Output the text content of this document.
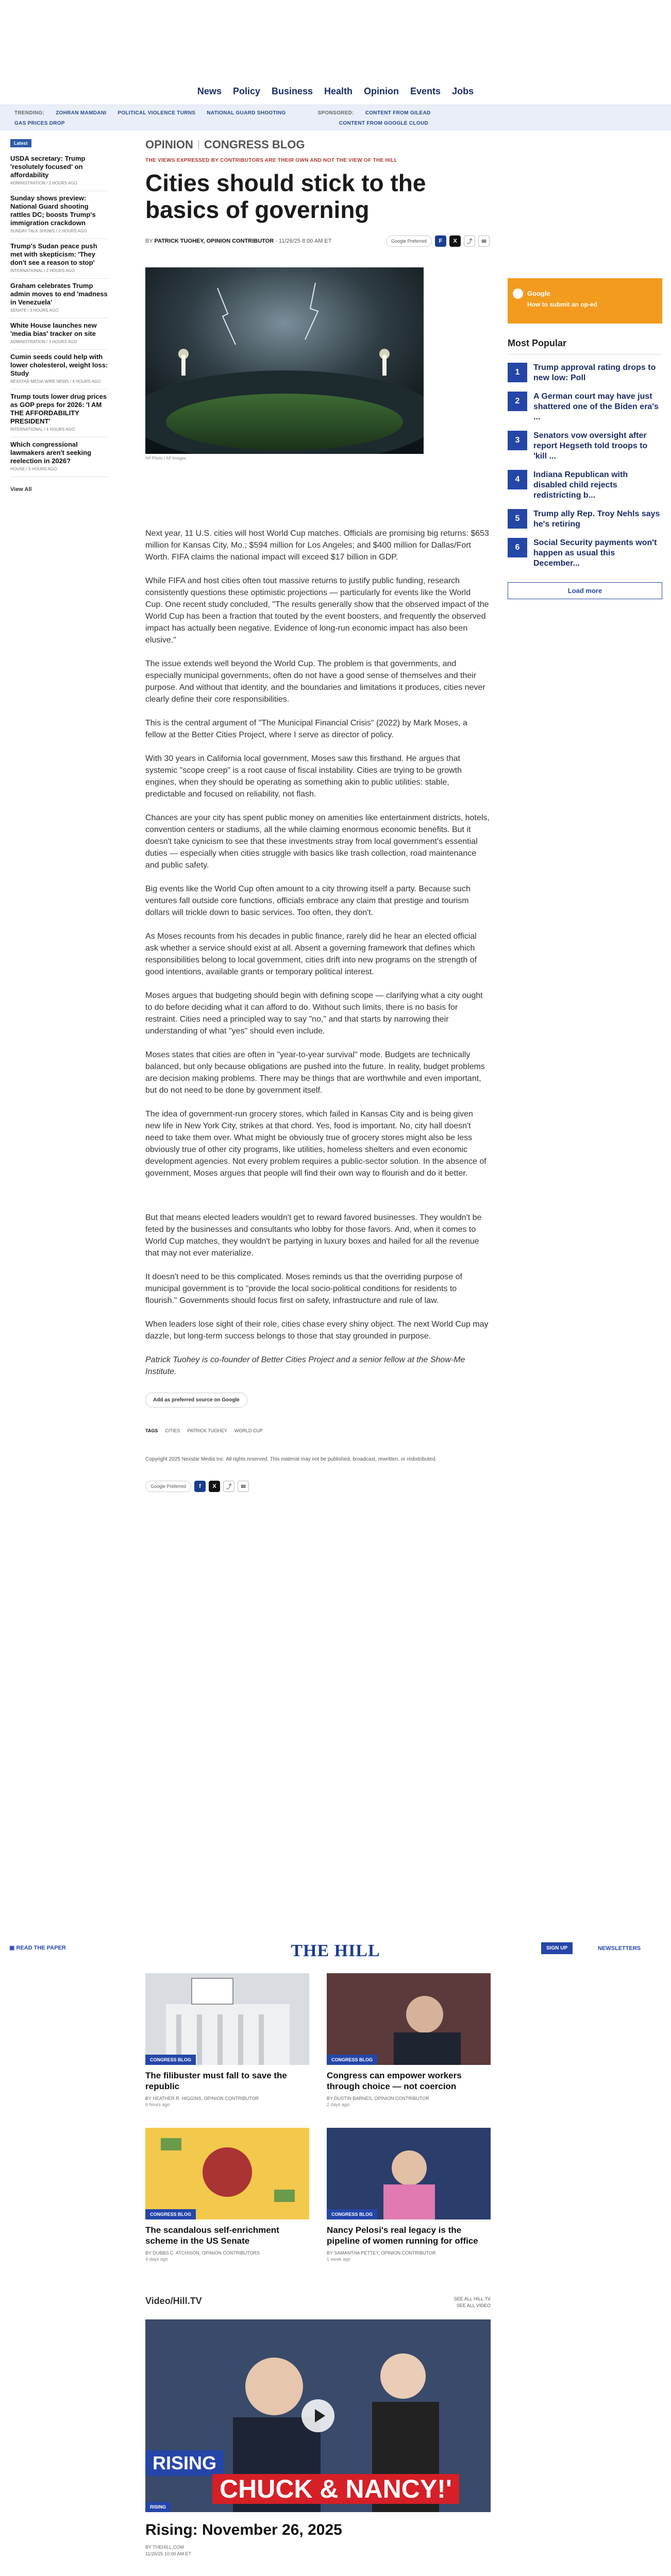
News Policy Business Health Opinion Events Jobs
TRENDING: ZOHRAN MAMDANI POLITICAL VIOLENCE TURNS NATIONAL GUARD SHOOTING	SPONSORED: CONTENT FROM GILEAD
GAS PRICES DROP	CONTENT FROM GOOGLE CLOUD
Latest
USDA secretary: Trump 'resolutely focused' on affordability
ADMINISTRATION / 2 HOURS AGO
Sunday shows preview: National Guard shooting rattles DC; boosts Trump's immigration crackdown
SUNDAY TALK SHOWS / 2 HOURS AGO
Trump's Sudan peace push met with skepticism: 'They don't see a reason to stop'
INTERNATIONAL / 2 HOURS AGO
Graham celebrates Trump admin moves to end 'madness in Venezuela'
SENATE / 3 HOURS AGO
White House launches new 'media bias' tracker on site
ADMINISTRATION / 3 HOURS AGO
Cumin seeds could help with lower cholesterol, weight loss: Study
NEXSTAR MEDIA WIRE NEWS / 4 HOURS AGO
Trump touts lower drug prices as GOP preps for 2026: 'I AM THE AFFORDABILITY PRESIDENT'
INTERNATIONAL / 4 HOURS AGO
Which congressional lawmakers aren't seeking reelection in 2026?
HOUSE / 5 HOURS AGO
View All
OPINION CONGRESS BLOG
THE VIEWS EXPRESSED BY CONTRIBUTORS ARE THEIR OWN AND NOT THE VIEW OF THE HILL
Cities should stick to the basics of governing
BY PATRICK TUOHEY, OPINION CONTRIBUTOR - 11/26/25 8:00 AM ET	Google Preferred	F	X	⤴	✉
AP Photo / AP Images

Next year, 11 U.S. cities will host World Cup matches. Officials are promising big returns: $653 million for Kansas City, Mo.; $594 million for Los Angeles; and $400 million for Dallas/Fort Worth. FIFA claims the national impact will exceed $17 billion in GDP.

While FIFA and host cities often tout massive returns to justify public funding, research consistently questions these optimistic projections — particularly for events like the World Cup. One recent study concluded, "The results generally show that the observed impact of the World Cup has been a fraction that touted by the event boosters, and frequently the observed impact has actually been negative. Evidence of long-run economic impact has also been elusive."

The issue extends well beyond the World Cup. The problem is that governments, and especially municipal governments, often do not have a good sense of themselves and their purpose. And without that identity, and the boundaries and limitations it produces, cities never clearly define their core responsibilities.

This is the central argument of "The Municipal Financial Crisis" (2022) by Mark Moses, a fellow at the Better Cities Project, where I serve as director of policy.

With 30 years in California local government, Moses saw this firsthand. He argues that systemic "scope creep" is a root cause of fiscal instability. Cities are trying to be growth engines, when they should be operating as something akin to public utilities: stable, predictable and focused on reliability, not flash.

Chances are your city has spent public money on amenities like entertainment districts, hotels, convention centers or stadiums, all the while claiming enormous economic benefits. But it doesn't take cynicism to see that these investments stray from local government's essential duties — especially when cities struggle with basics like trash collection, road maintenance and public safety.

Big events like the World Cup often amount to a city throwing itself a party. Because such ventures fall outside core functions, officials embrace any claim that prestige and tourism dollars will trickle down to basic services. Too often, they don't.

As Moses recounts from his decades in public finance, rarely did he hear an elected official ask whether a service should exist at all. Absent a governing framework that defines which responsibilities belong to local government, cities drift into new programs on the strength of good intentions, available grants or temporary political interest.

Moses argues that budgeting should begin with defining scope — clarifying what a city ought to do before deciding what it can afford to do. Without such limits, there is no basis for restraint. Cities need a principled way to say "no," and that starts by narrowing their understanding of what "yes" should even include.

Moses states that cities are often in "year-to-year survival" mode. Budgets are technically balanced, but only because obligations are pushed into the future. In reality, budget problems are decision making problems. There may be things that are worthwhile and even important, but do not need to be done by government itself.

The idea of government-run grocery stores, which failed in Kansas City and is being given new life in New York City, strikes at that chord. Yes, food is important. No, city hall doesn't need to take them over. What might be obviously true of grocery stores might also be less obviously true of other city programs, like utilities, homeless shelters and even economic development agencies. Not every problem requires a public-sector solution. In the absence of government, Moses argues that people will find their own way to flourish and do it better.

But that means elected leaders wouldn't get to reward favored businesses. They wouldn't be feted by the businesses and consultants who lobby for those favors. And, when it comes to World Cup matches, they wouldn't be partying in luxury boxes and hailed for all the revenue that may not ever materialize.

It doesn't need to be this complicated. Moses reminds us that the overriding purpose of municipal government is to "provide the local socio-political conditions for residents to flourish." Governments should focus first on safety, infrastructure and rule of law.

When leaders lose sight of their role, cities chase every shiny object. The next World Cup may dazzle, but long-term success belongs to those that stay grounded in purpose.

Patrick Tuohey is co-founder of Better Cities Project and a senior fellow at the Show-Me Institute.

Add as preferred source on Google
TAGS CITIES PATRICK TUOHEY WORLD CUP
Copyright 2025 Nexstar Media Inc. All rights reserved. This material may not be published, broadcast, rewritten, or redistributed.
Google Preferred	f	X	⤴	✉
Google
How to submit an op-ed
Most Popular
1
Trump approval rating drops to new low: Poll
2
A German court may have just shattered one of the Biden era's ...
3
Senators vow oversight after report Hegseth told troops to 'kill ...
4
Indiana Republican with disabled child rejects redistricting b...
5
Trump ally Rep. Troy Nehls says he's retiring
6
Social Security payments won't happen as usual this December...
Load more
THE HILL
▣ READ THE PAPER	SIGN UP	NEWSLETTERS
CONGRESS BLOG
The filibuster must fall to save the republic
BY HEATHER R. HIGGINS, OPINION CONTRIBUTOR
6 hours ago
CONGRESS BLOG
Congress can empower workers through choice — not coercion
BY DUSTIN BARNES, OPINION CONTRIBUTOR
2 days ago
CONGRESS BLOG
The scandalous self-enrichment scheme in the US Senate
BY DUBBS C. ATCHISON, OPINION CONTRIBUTORS
4 days ago
CONGRESS BLOG
Nancy Pelosi's real legacy is the pipeline of women running for office
BY SAMANTHA PETTEY, OPINION CONTRIBUTOR
1 week ago
Video/Hill.TV	SEE ALL HILL.TV
SEE ALL VIDEO
RISING
CHUCK & NANCY!'
RISING
Rising: November 26, 2025
BY THEHILL.COM
11/26/25 10:00 AM ET
